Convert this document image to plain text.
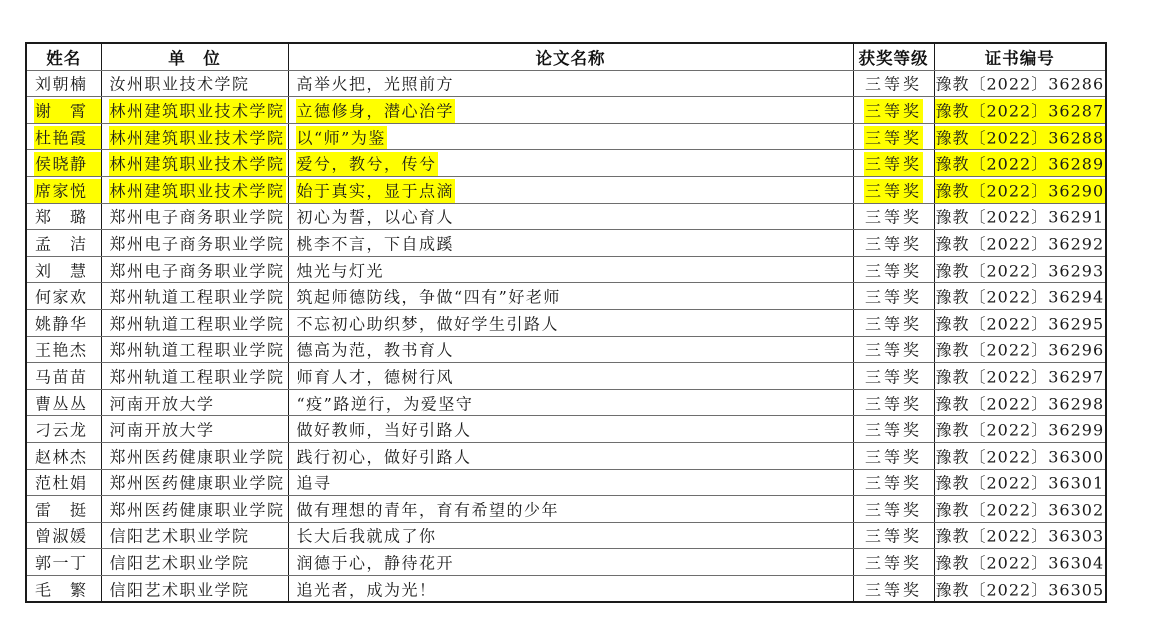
姓名	单　位	论文名称	获奖等级	证书编号
刘朝楠	汝州职业技术学院	高举火把，光照前方	三等奖	豫教〔2022〕36286
谢　霄	林州建筑职业技术学院	立德修身，潜心治学	三等奖	豫教〔2022〕36287
杜艳霞	林州建筑职业技术学院	以“师”为鉴	三等奖	豫教〔2022〕36288
侯晓静	林州建筑职业技术学院	爱兮，教兮，传兮	三等奖	豫教〔2022〕36289
席家悦	林州建筑职业技术学院	始于真实，显于点滴	三等奖	豫教〔2022〕36290
郑　璐	郑州电子商务职业学院	初心为誓，以心育人	三等奖	豫教〔2022〕36291
孟　洁	郑州电子商务职业学院	桃李不言，下自成蹊	三等奖	豫教〔2022〕36292
刘　慧	郑州电子商务职业学院	烛光与灯光	三等奖	豫教〔2022〕36293
何家欢	郑州轨道工程职业学院	筑起师德防线，争做“四有”好老师	三等奖	豫教〔2022〕36294
姚静华	郑州轨道工程职业学院	不忘初心助织梦，做好学生引路人	三等奖	豫教〔2022〕36295
王艳杰	郑州轨道工程职业学院	德高为范，教书育人	三等奖	豫教〔2022〕36296
马苗苗	郑州轨道工程职业学院	师育人才，德树行风	三等奖	豫教〔2022〕36297
曹丛丛	河南开放大学	“疫”路逆行，为爱坚守	三等奖	豫教〔2022〕36298
刁云龙	河南开放大学	做好教师，当好引路人	三等奖	豫教〔2022〕36299
赵林杰	郑州医药健康职业学院	践行初心，做好引路人	三等奖	豫教〔2022〕36300
范杜娟	郑州医药健康职业学院	追寻	三等奖	豫教〔2022〕36301
雷　挺	郑州医药健康职业学院	做有理想的青年，育有希望的少年	三等奖	豫教〔2022〕36302
曾淑媛	信阳艺术职业学院	长大后我就成了你	三等奖	豫教〔2022〕36303
郭一丁	信阳艺术职业学院	润德于心，静待花开	三等奖	豫教〔2022〕36304
毛　繁	信阳艺术职业学院	追光者，成为光！	三等奖	豫教〔2022〕36305
